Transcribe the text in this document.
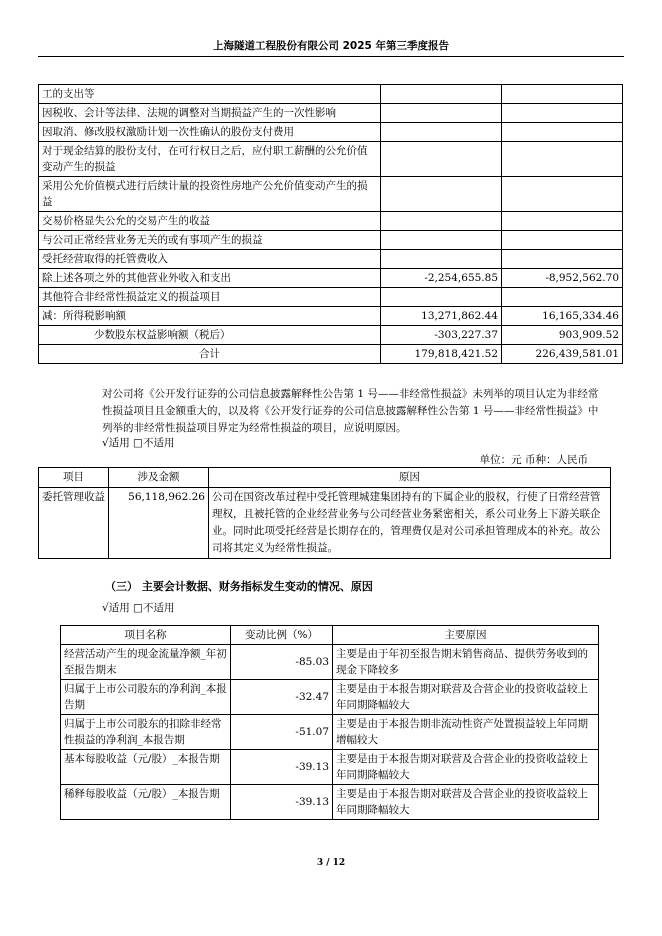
上海隧道工程股份有限公司 2025 年第三季度报告
工的支出等		
因税收、会计等法律、法规的调整对当期损益产生的一次性影响		
因取消、修改股权激励计划一次性确认的股份支付费用		
对于现金结算的股份支付，在可行权日之后，应付职工薪酬的公允价值变动产生的损益		
采用公允价值模式进行后续计量的投资性房地产公允价值变动产生的损益		
交易价格显失公允的交易产生的收益		
与公司正常经营业务无关的或有事项产生的损益		
受托经营取得的托管费收入		
除上述各项之外的其他营业外收入和支出	-2,254,655.85	-8,952,562.70
其他符合非经常性损益定义的损益项目		
减：所得税影响额	13,271,862.44	16,165,334.46
少数股东权益影响额（税后）	-303,227.37	903,909.52
合计	179,818,421.52	226,439,581.01
对公司将《公开发行证券的公司信息披露解释性公告第 1 号——非经常性损益》未列举的项目认定为非经常性损益项目且金额重大的，以及将《公开发行证券的公司信息披露解释性公告第 1 号——非经常性损益》中列举的非经常性损益项目界定为经常性损益的项目，应说明原因。
√适用 □不适用
单位：元 币种：人民币
项目	涉及金额	原因
委托管理收益	56,118,962.26	公司在国资改革过程中受托管理城建集团持有的下属企业的股权，行使了日常经营管理权，且被托管的企业经营业务与公司经营业务紧密相关，系公司业务上下游关联企业。同时此项受托经营是长期存在的，管理费仅是对公司承担管理成本的补充。故公司将其定义为经常性损益。
（三） 主要会计数据、财务指标发生变动的情况、原因
√适用 □不适用
项目名称	变动比例（%）	主要原因
经营活动产生的现金流量净额_年初至报告期末	-85.03	主要是由于年初至报告期末销售商品、提供劳务收到的现金下降较多
归属于上市公司股东的净利润_本报告期	-32.47	主要是由于本报告期对联营及合营企业的投资收益较上年同期降幅较大
归属于上市公司股东的扣除非经常性损益的净利润_本报告期	-51.07	主要是由于本报告期非流动性资产处置损益较上年同期增幅较大
基本每股收益（元/股）_本报告期	-39.13	主要是由于本报告期对联营及合营企业的投资收益较上年同期降幅较大
稀释每股收益（元/股）_本报告期	-39.13	主要是由于本报告期对联营及合营企业的投资收益较上年同期降幅较大
3 / 12
